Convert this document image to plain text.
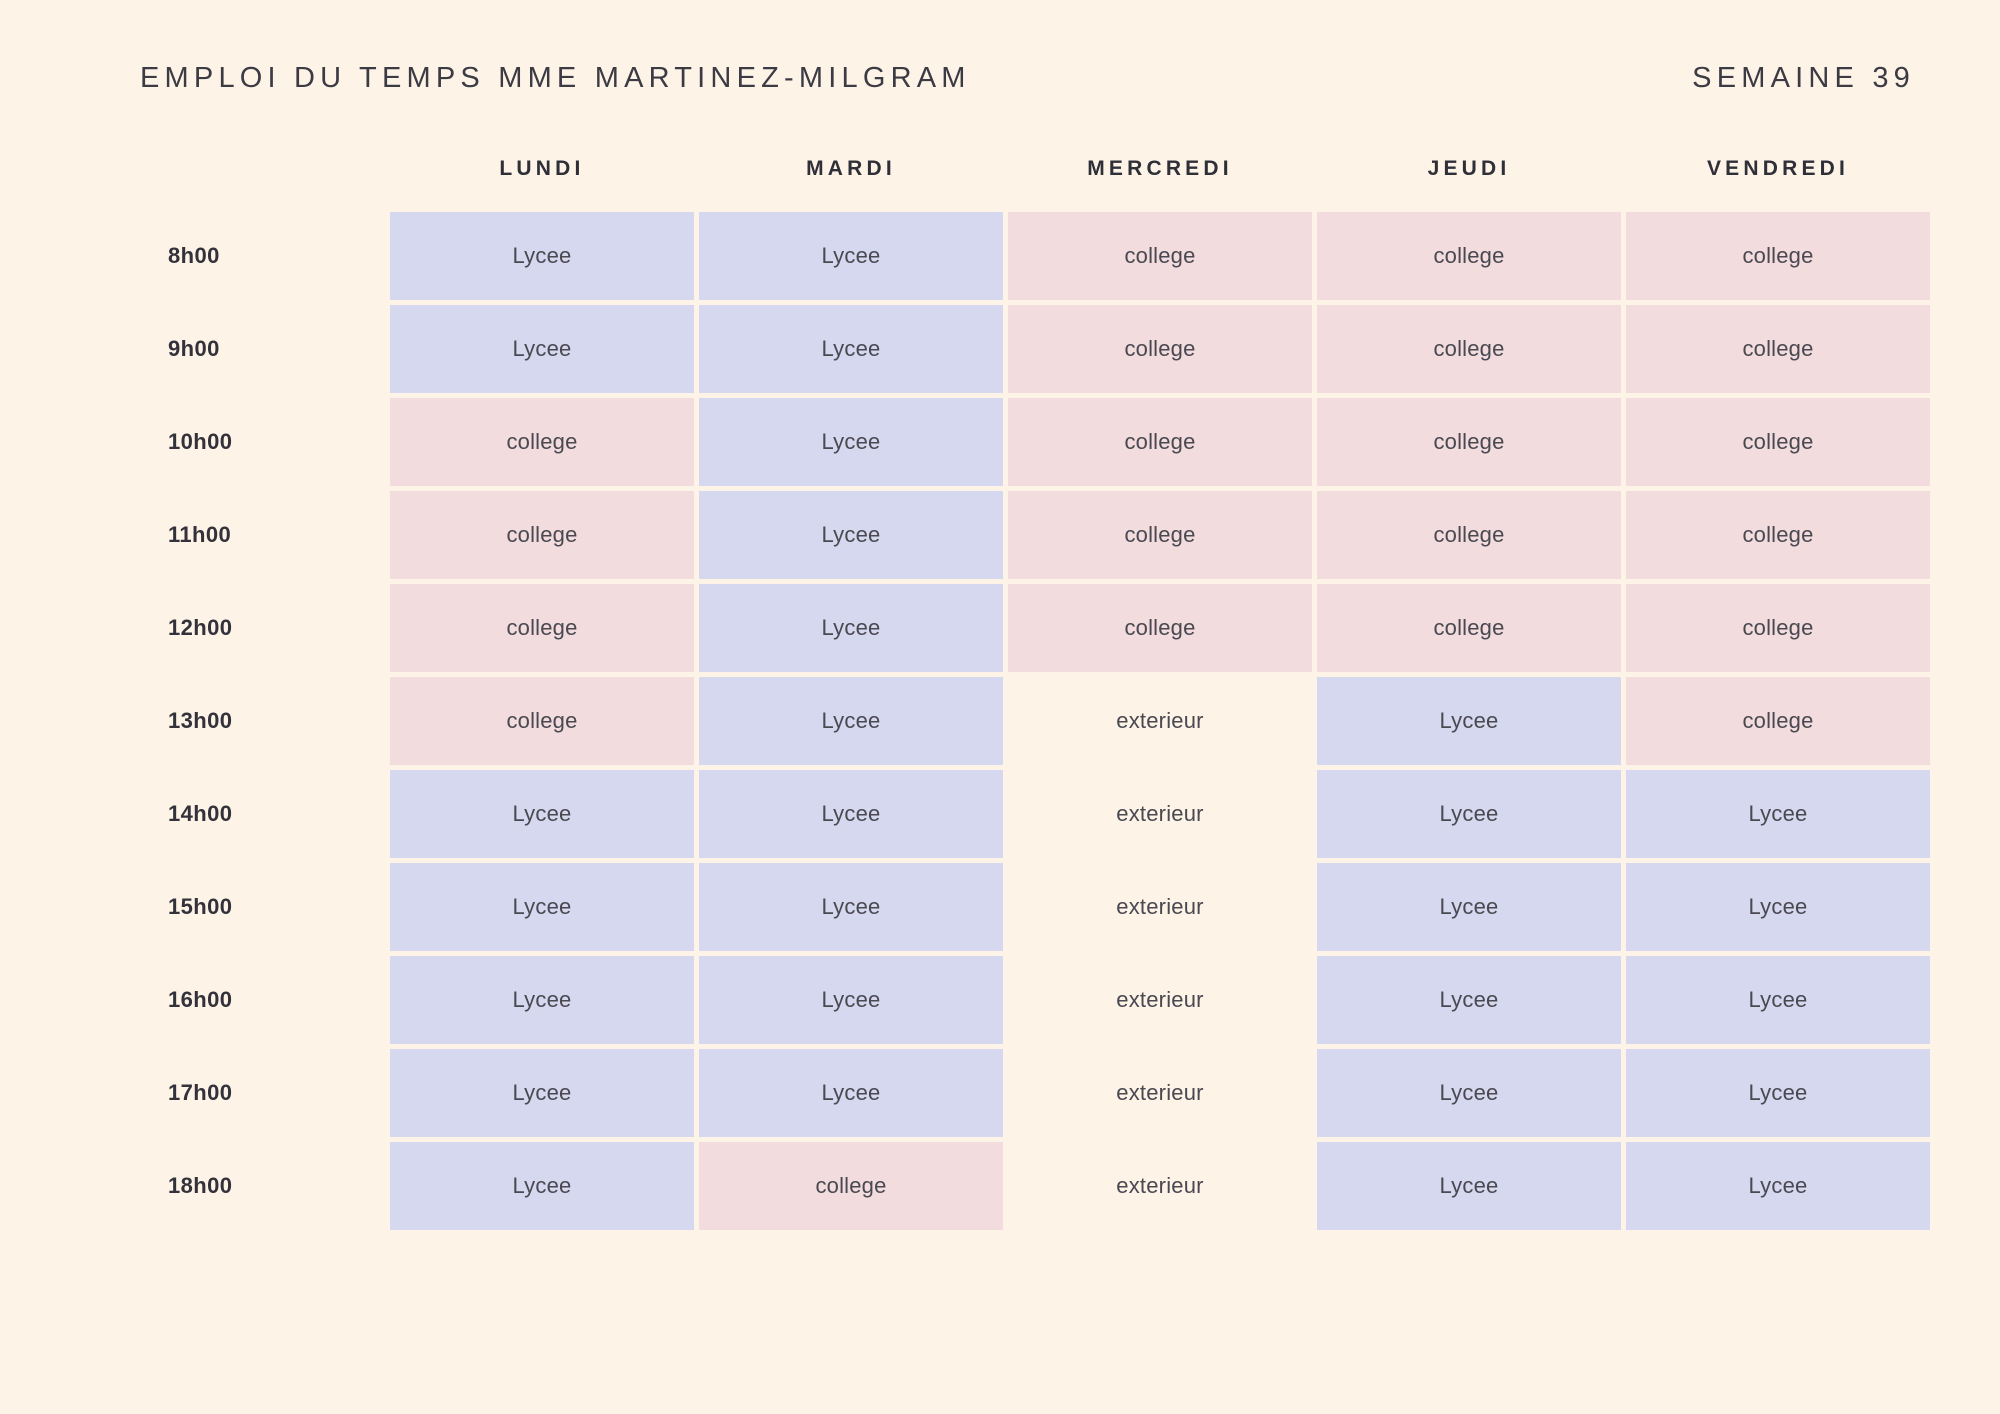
EMPLOI DU TEMPS MME MARTINEZ-MILGRAM	SEMAINE 39
	LUNDI	MARDI	MERCREDI	JEUDI	VENDREDI
8h00	Lycee	Lycee	college	college	college
9h00	Lycee	Lycee	college	college	college
10h00	college	Lycee	college	college	college
11h00	college	Lycee	college	college	college
12h00	college	Lycee	college	college	college
13h00	college	Lycee	exterieur	Lycee	college
14h00	Lycee	Lycee	exterieur	Lycee	Lycee
15h00	Lycee	Lycee	exterieur	Lycee	Lycee
16h00	Lycee	Lycee	exterieur	Lycee	Lycee
17h00	Lycee	Lycee	exterieur	Lycee	Lycee
18h00	Lycee	college	exterieur	Lycee	Lycee
